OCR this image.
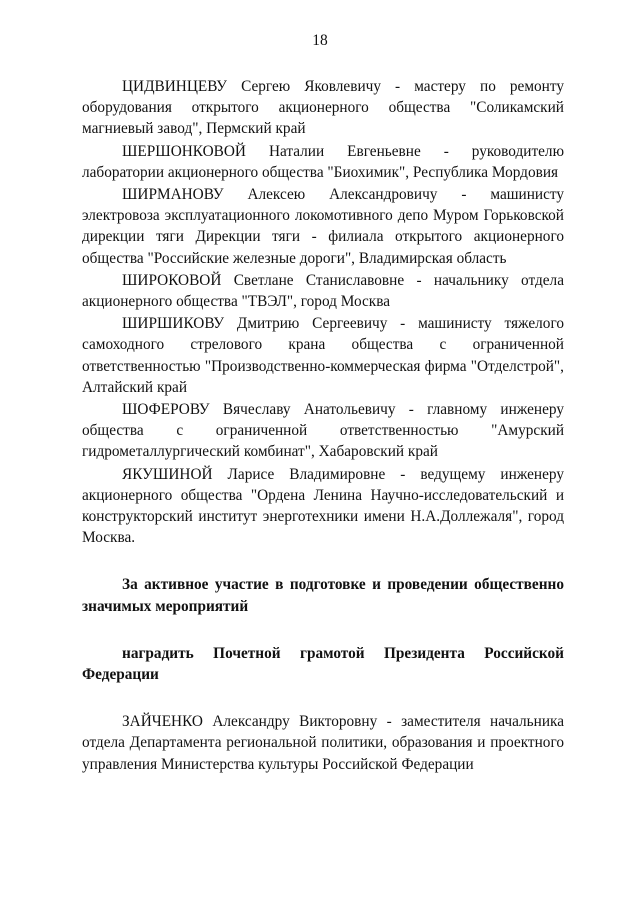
18

ЦИДВИНЦЕВУ Сергею Яковлевичу - мастеру по ремонту оборудования открытого акционерного общества "Соликамский магниевый завод", Пермский край

ШЕРШОНКОВОЙ Наталии Евгеньевне - руководителю лаборатории акционерного общества "Биохимик", Республика Мордовия

ШИРМАНОВУ Алексею Александровичу - машинисту электровоза эксплуатационного локомотивного депо Муром Горьковской дирекции тяги Дирекции тяги - филиала открытого акционерного общества "Российские железные дороги", Владимирская область

ШИРОКОВОЙ Светлане Станиславовне - начальнику отдела акционерного общества "ТВЭЛ", город Москва

ШИРШИКОВУ Дмитрию Сергеевичу - машинисту тяжелого самоходного стрелового крана общества с ограниченной ответственностью "Производственно-коммерческая фирма "Отделстрой", Алтайский край

ШОФЕРОВУ Вячеславу Анатольевичу - главному инженеру общества с ограниченной ответственностью "Амурский гидрометаллургический комбинат", Хабаровский край

ЯКУШИНОЙ Ларисе Владимировне - ведущему инженеру акционерного общества "Ордена Ленина Научно-исследовательский и конструкторский институт энерготехники имени Н.А.Доллежаля", город Москва.

За активное участие в подготовке и проведении общественно значимых мероприятий

наградить Почетной грамотой Президента Российской Федерации

ЗАЙЧЕНКО Александру Викторовну - заместителя начальника отдела Департамента региональной политики, образования и проектного управления Министерства культуры Российской Федерации
